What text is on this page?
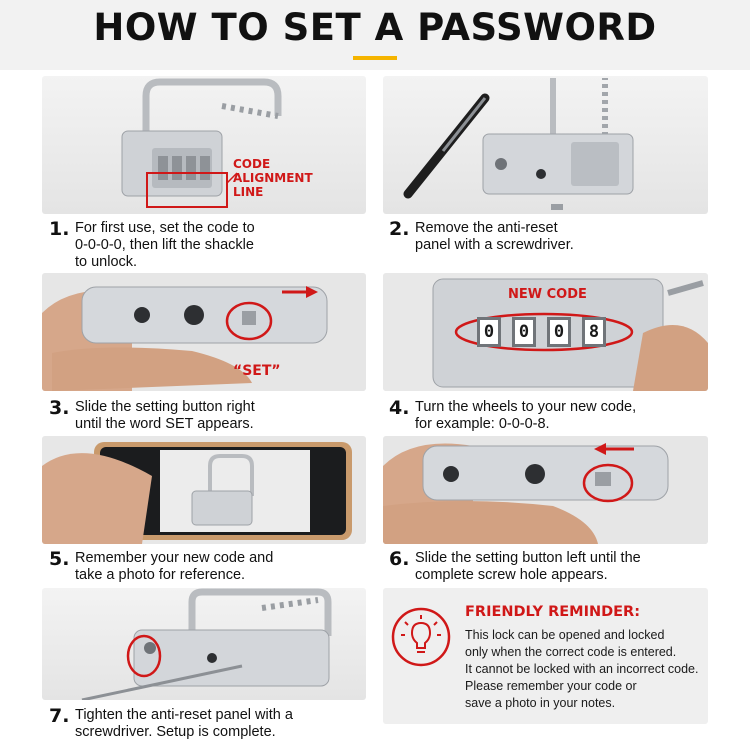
HOW TO SET A PASSWORD
CODE
ALIGNMENT
LINE
1. For first use, set the code to
0-0-0-0, then lift the shackle
to unlock.
2. Remove the anti-reset
panel with a screwdriver.
“SET”
3. Slide the setting button right
until the word SET appears.
NEW CODE
0	0	0	8
4. Turn the wheels to your new code,
for example: 0-0-0-8.
5. Remember your new code and
take a photo for reference.
6. Slide the setting button left until the
complete screw hole appears.
7. Tighten the anti-reset panel with a
screwdriver. Setup is complete.
FRIENDLY REMINDER:
This lock can be opened and locked
only when the correct code is entered.
It cannot be locked with an incorrect code.
Please remember your code or
save a photo in your notes.
